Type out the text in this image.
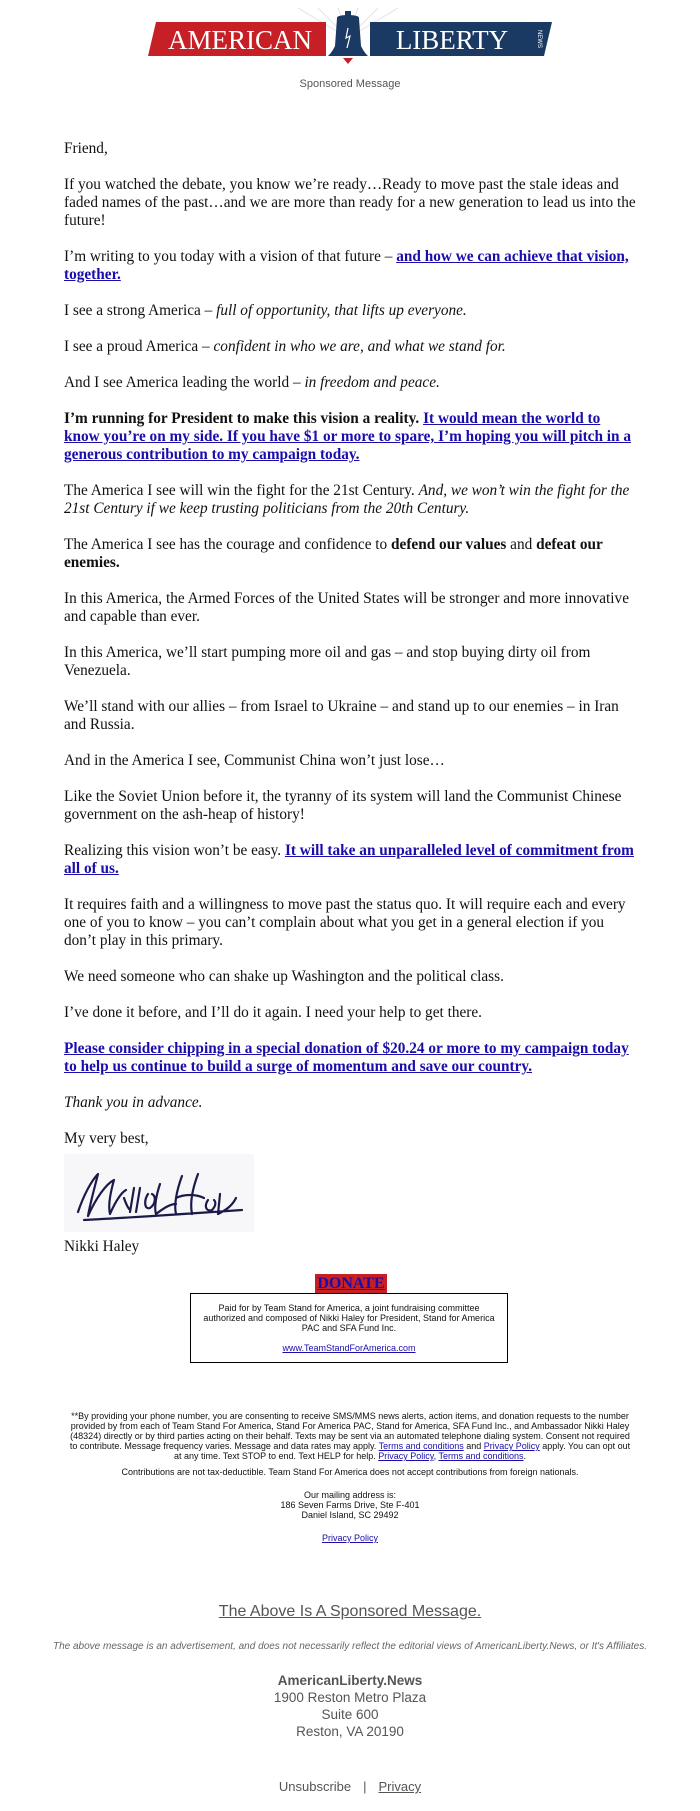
AMERICAN	LIBERTY	NEWS
Sponsored Message

Friend,

If you watched the debate, you know we’re ready…Ready to move past the stale ideas and faded names of the past…and we are more than ready for a new generation to lead us into the future!

I’m writing to you today with a vision of that future – and how we can achieve that vision, together.

I see a strong America – full of opportunity, that lifts up everyone.

I see a proud America – confident in who we are, and what we stand for.

And I see America leading the world – in freedom and peace.

I’m running for President to make this vision a reality. It would mean the world to know you’re on my side. If you have $1 or more to spare, I’m hoping you will pitch in a generous contribution to my campaign today.

The America I see will win the fight for the 21st Century. And, we won’t win the fight for the 21st Century if we keep trusting politicians from the 20th Century.

The America I see has the courage and confidence to defend our values and defeat our enemies.

In this America, the Armed Forces of the United States will be stronger and more innovative and capable than ever.

In this America, we’ll start pumping more oil and gas – and stop buying dirty oil from Venezuela.

We’ll stand with our allies – from Israel to Ukraine – and stand up to our enemies – in Iran and Russia.

And in the America I see, Communist China won’t just lose…

Like the Soviet Union before it, the tyranny of its system will land the Communist Chinese government on the ash-heap of history!

Realizing this vision won’t be easy. It will take an unparalleled level of commitment from all of us.

It requires faith and a willingness to move past the status quo. It will require each and every one of you to know – you can’t complain about what you get in a general election if you don’t play in this primary.

We need someone who can shake up Washington and the political class.

I’ve done it before, and I’ll do it again. I need your help to get there.

Please consider chipping in a special donation of $20.24 or more to my campaign today to help us continue to build a surge of momentum and save our country.

Thank you in advance.

My very best,

Nikki Haley

DONATE
Paid for by Team Stand for America, a joint fundraising committee authorized and composed of Nikki Haley for President, Stand for America PAC and SFA Fund Inc.
www.TeamStandForAmerica.com
**By providing your phone number, you are consenting to receive SMS/MMS news alerts, action items, and donation requests to the number provided by from each of Team Stand For America, Stand For America PAC, Stand for America, SFA Fund Inc., and Ambassador Nikki Haley (48324) directly or by third parties acting on their behalf. Texts may be sent via an automated telephone dialing system. Consent not required to contribute. Message frequency varies. Message and data rates may apply. Terms and conditions and Privacy Policy apply. You can opt out at any time. Text STOP to end. Text HELP for help. Privacy Policy, Terms and conditions.
Contributions are not tax-deductible. Team Stand For America does not accept contributions from foreign nationals.
Our mailing address is:
186 Seven Farms Drive, Ste F-401
Daniel Island, SC 29492
Privacy Policy
The Above Is A Sponsored Message.
The above message is an advertisement, and does not necessarily reflect the editorial views of AmericanLiberty.News, or It's Affiliates.
AmericanLiberty.News
1900 Reston Metro Plaza
Suite 600
Reston, VA 20190
Unsubscribe | Privacy
